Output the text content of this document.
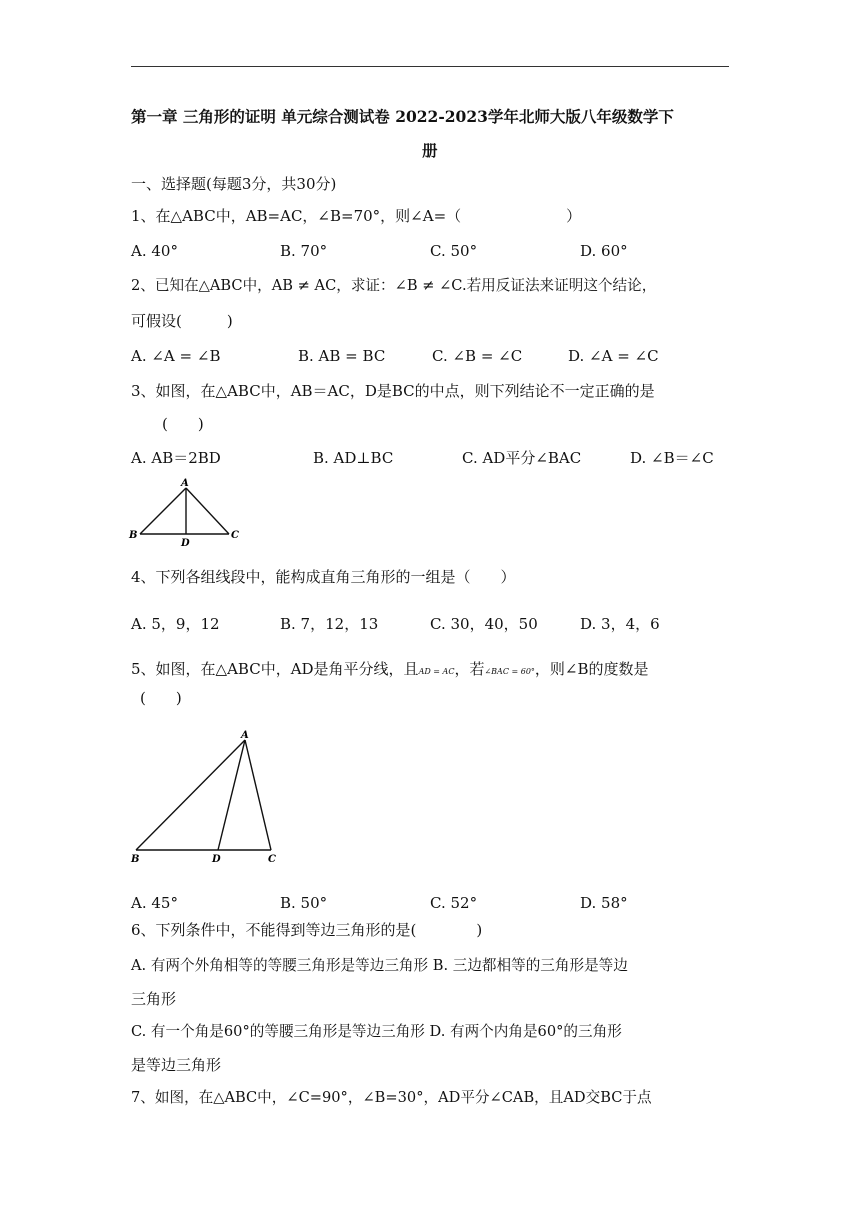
第一章 三角形的证明 单元综合测试卷 2022-2023学年北师大版八年级数学下
册
一、选择题(每题3分，共30分)
1、在△ABC中，AB=AC，∠B=70°，则∠A=（　　　　　　　）
A. 40°	B. 70°	C. 50°	D. 60°
2、已知在△ABC中，AB ≠ AC，求证：∠B ≠ ∠C.若用反证法来证明这个结论，
可假设(　　　)
A. ∠A = ∠B	B. AB = BC	C. ∠B = ∠C	D. ∠A = ∠C
3、如图，在△ABC中，AB＝AC，D是BC的中点，则下列结论不一定正确的是
(　　)
A. AB＝2BD	B. AD⊥BC	C. AD平分∠BAC	D. ∠B＝∠C
A
B
D
C
4、下列各组线段中，能构成直角三角形的一组是（　　）
A. 5，9，12	B. 7，12，13	C. 30，40，50	D. 3，4，6
5、如图，在△ABC中，AD是角平分线，且AD = AC，若∠BAC = 60°，则∠B的度数是
(　　)
A
B	D	C
A. 45°	B. 50°	C. 52°	D. 58°
6、下列条件中，不能得到等边三角形的是(　　　　)
A. 有两个外角相等的等腰三角形是等边三角形 B. 三边都相等的三角形是等边
三角形
C. 有一个角是60°的等腰三角形是等边三角形 D. 有两个内角是60°的三角形
是等边三角形
7、如图，在△ABC中，∠C=90°，∠B=30°，AD平分∠CAB，且AD交BC于点
